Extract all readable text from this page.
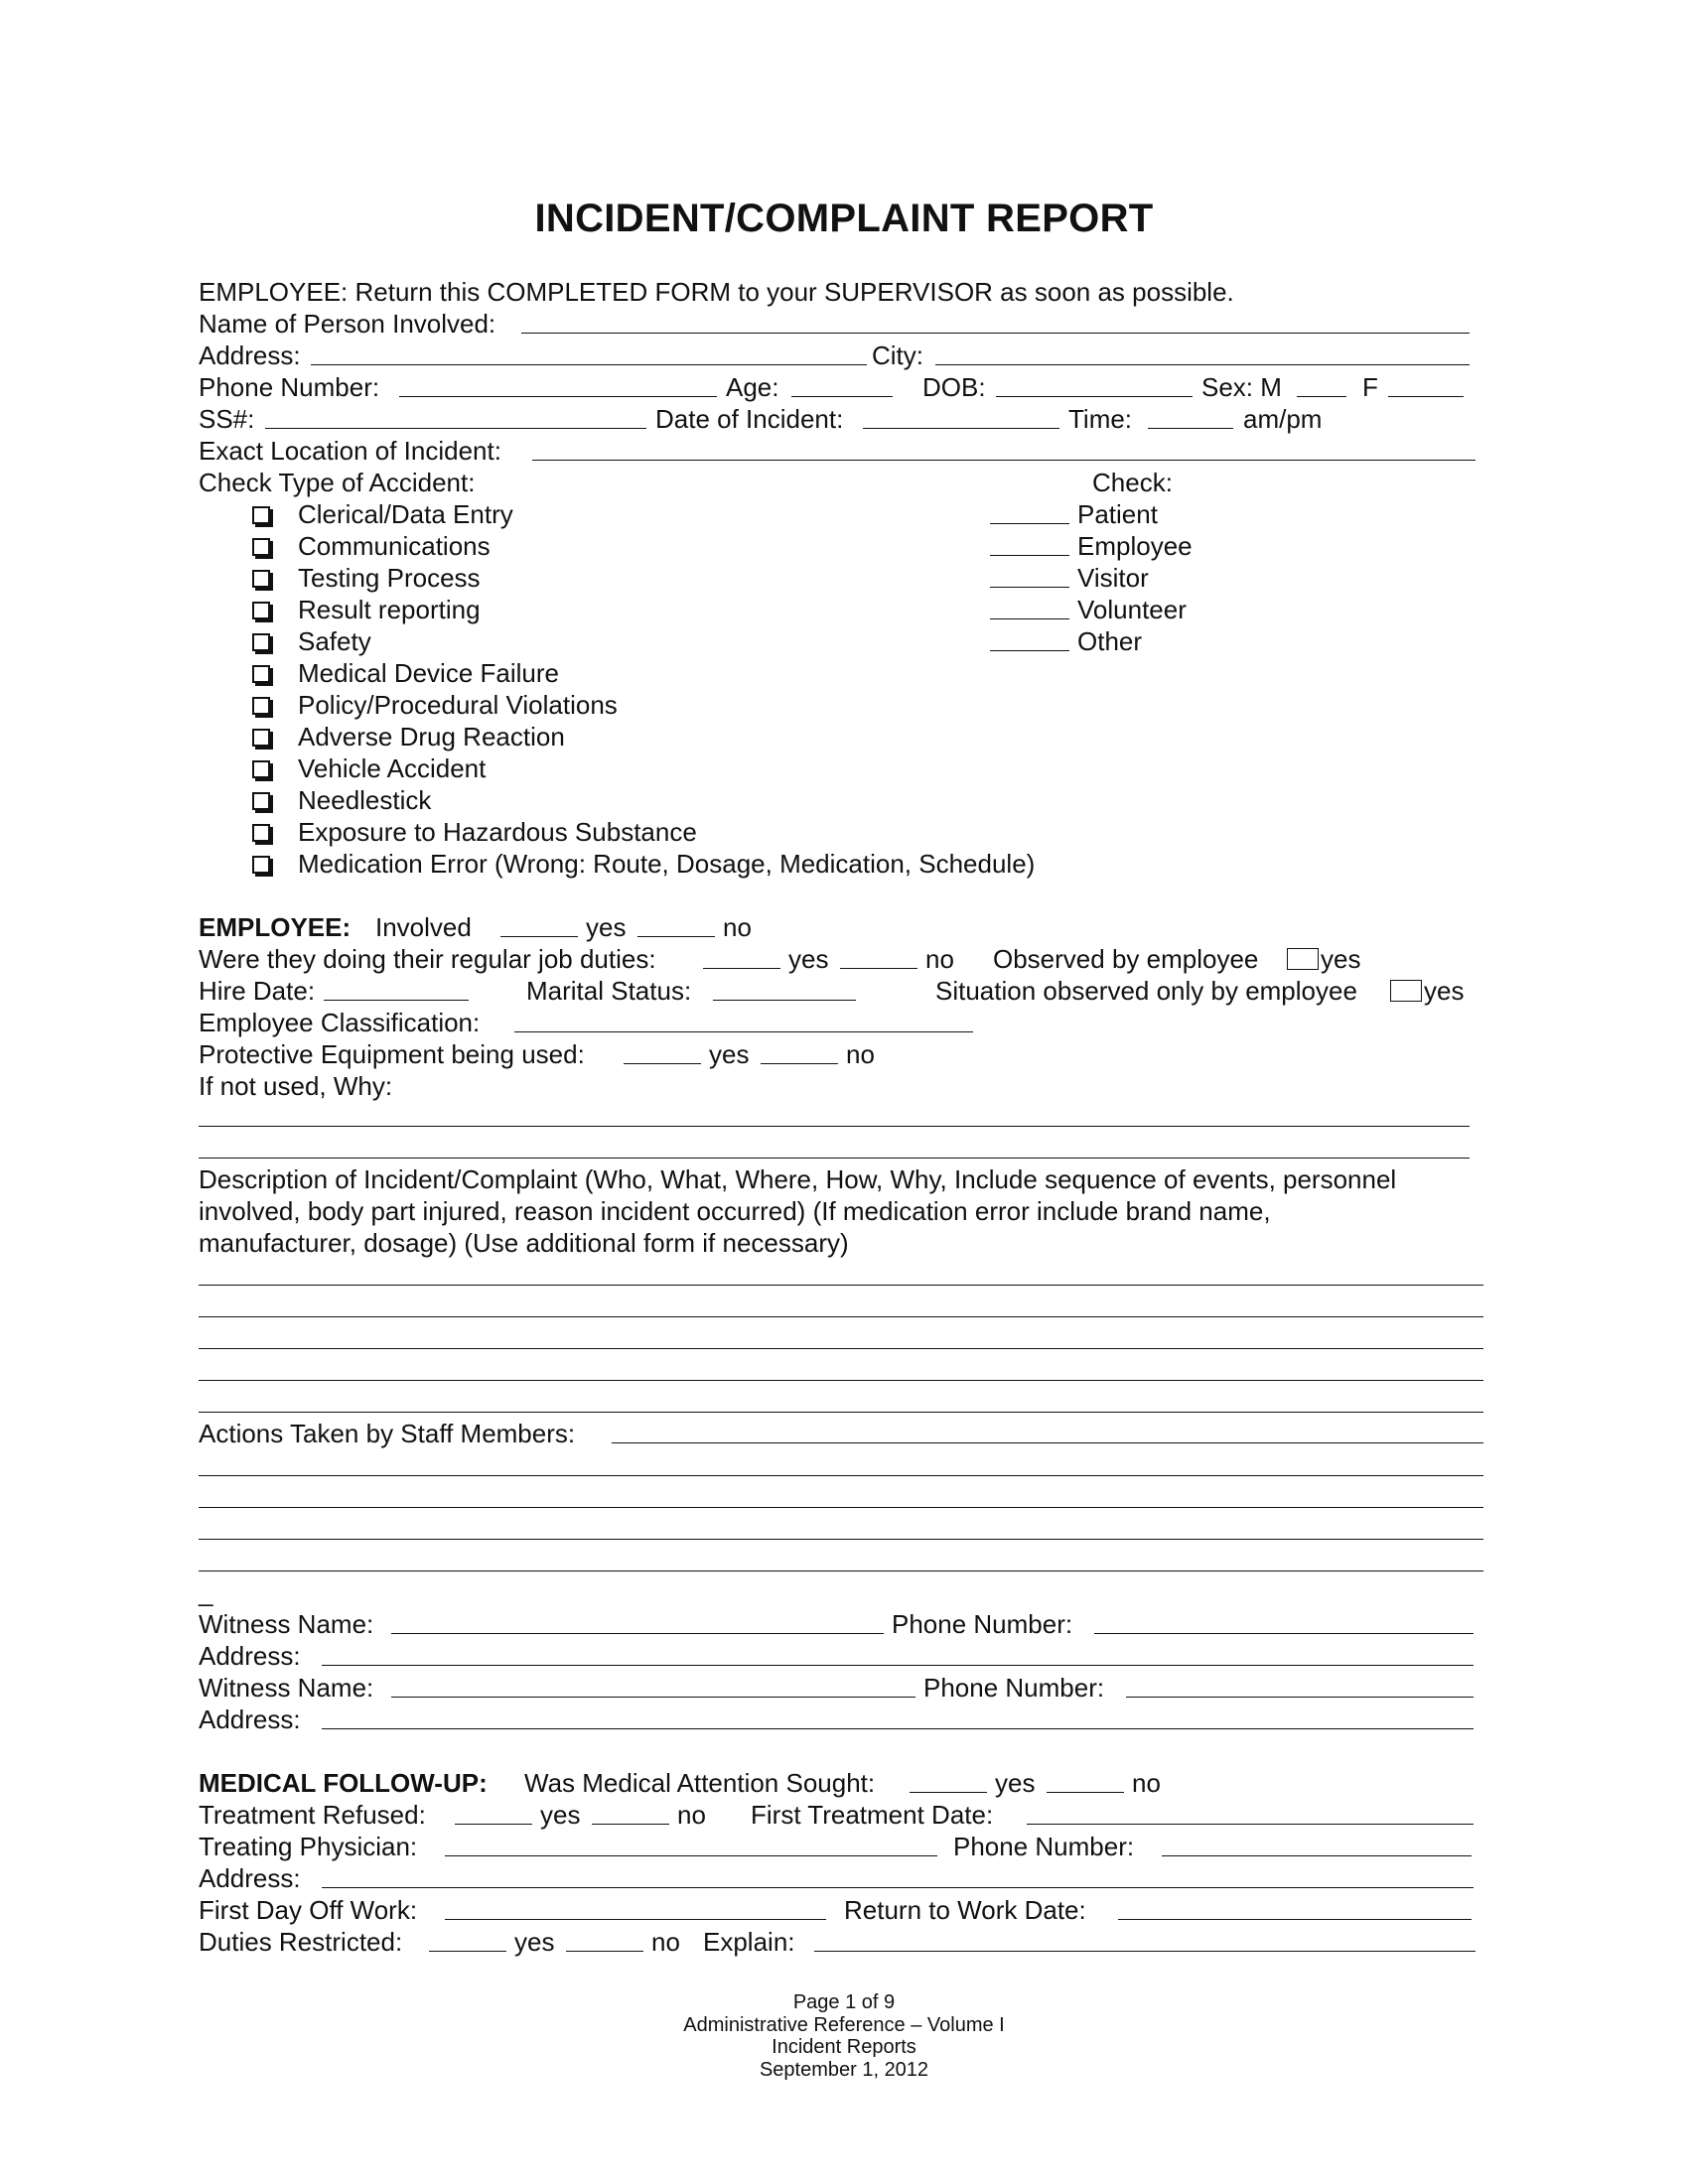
INCIDENT/COMPLAINT REPORT
EMPLOYEE: Return this COMPLETED FORM to your SUPERVISOR as soon as possible.
Name of Person Involved:
Address:	City:
Phone Number:	Age:	DOB:	Sex: M	F
SS#:	Date of Incident:	Time:	am/pm
Exact Location of Incident:
Check Type of Accident:	Check:
Clerical/Data Entry
Communications
Testing Process
Result reporting
Safety
Medical Device Failure
Policy/Procedural Violations
Adverse Drug Reaction
Vehicle Accident
Needlestick
Exposure to Hazardous Substance
Medication Error (Wrong: Route, Dosage, Medication, Schedule)
Patient
Employee
Visitor
Volunteer
Other
EMPLOYEE: Involved	yes	no
Were they doing their regular job duties:	yes	no Observed by employee	yes
Hire Date:	Marital Status:	Situation observed only by employee	yes
Employee Classification:
Protective Equipment being used:	yes	no
If not used, Why:
Description of Incident/Complaint (Who, What, Where, How, Why, Include sequence of events, personnel
involved, body part injured, reason incident occurred) (If medication error include brand name,
manufacturer, dosage) (Use additional form if necessary)
Actions Taken by Staff Members:
_
Witness Name:	Phone Number:
Address:
Witness Name:	Phone Number:
Address:
MEDICAL FOLLOW-UP: Was Medical Attention Sought:	yes	no
Treatment Refused:	yes	no First Treatment Date:
Treating Physician:	Phone Number:
Address:
First Day Off Work:	Return to Work Date:
Duties Restricted:	yes	no Explain:
Page 1 of 9
Administrative Reference – Volume I
Incident Reports
September 1, 2012
